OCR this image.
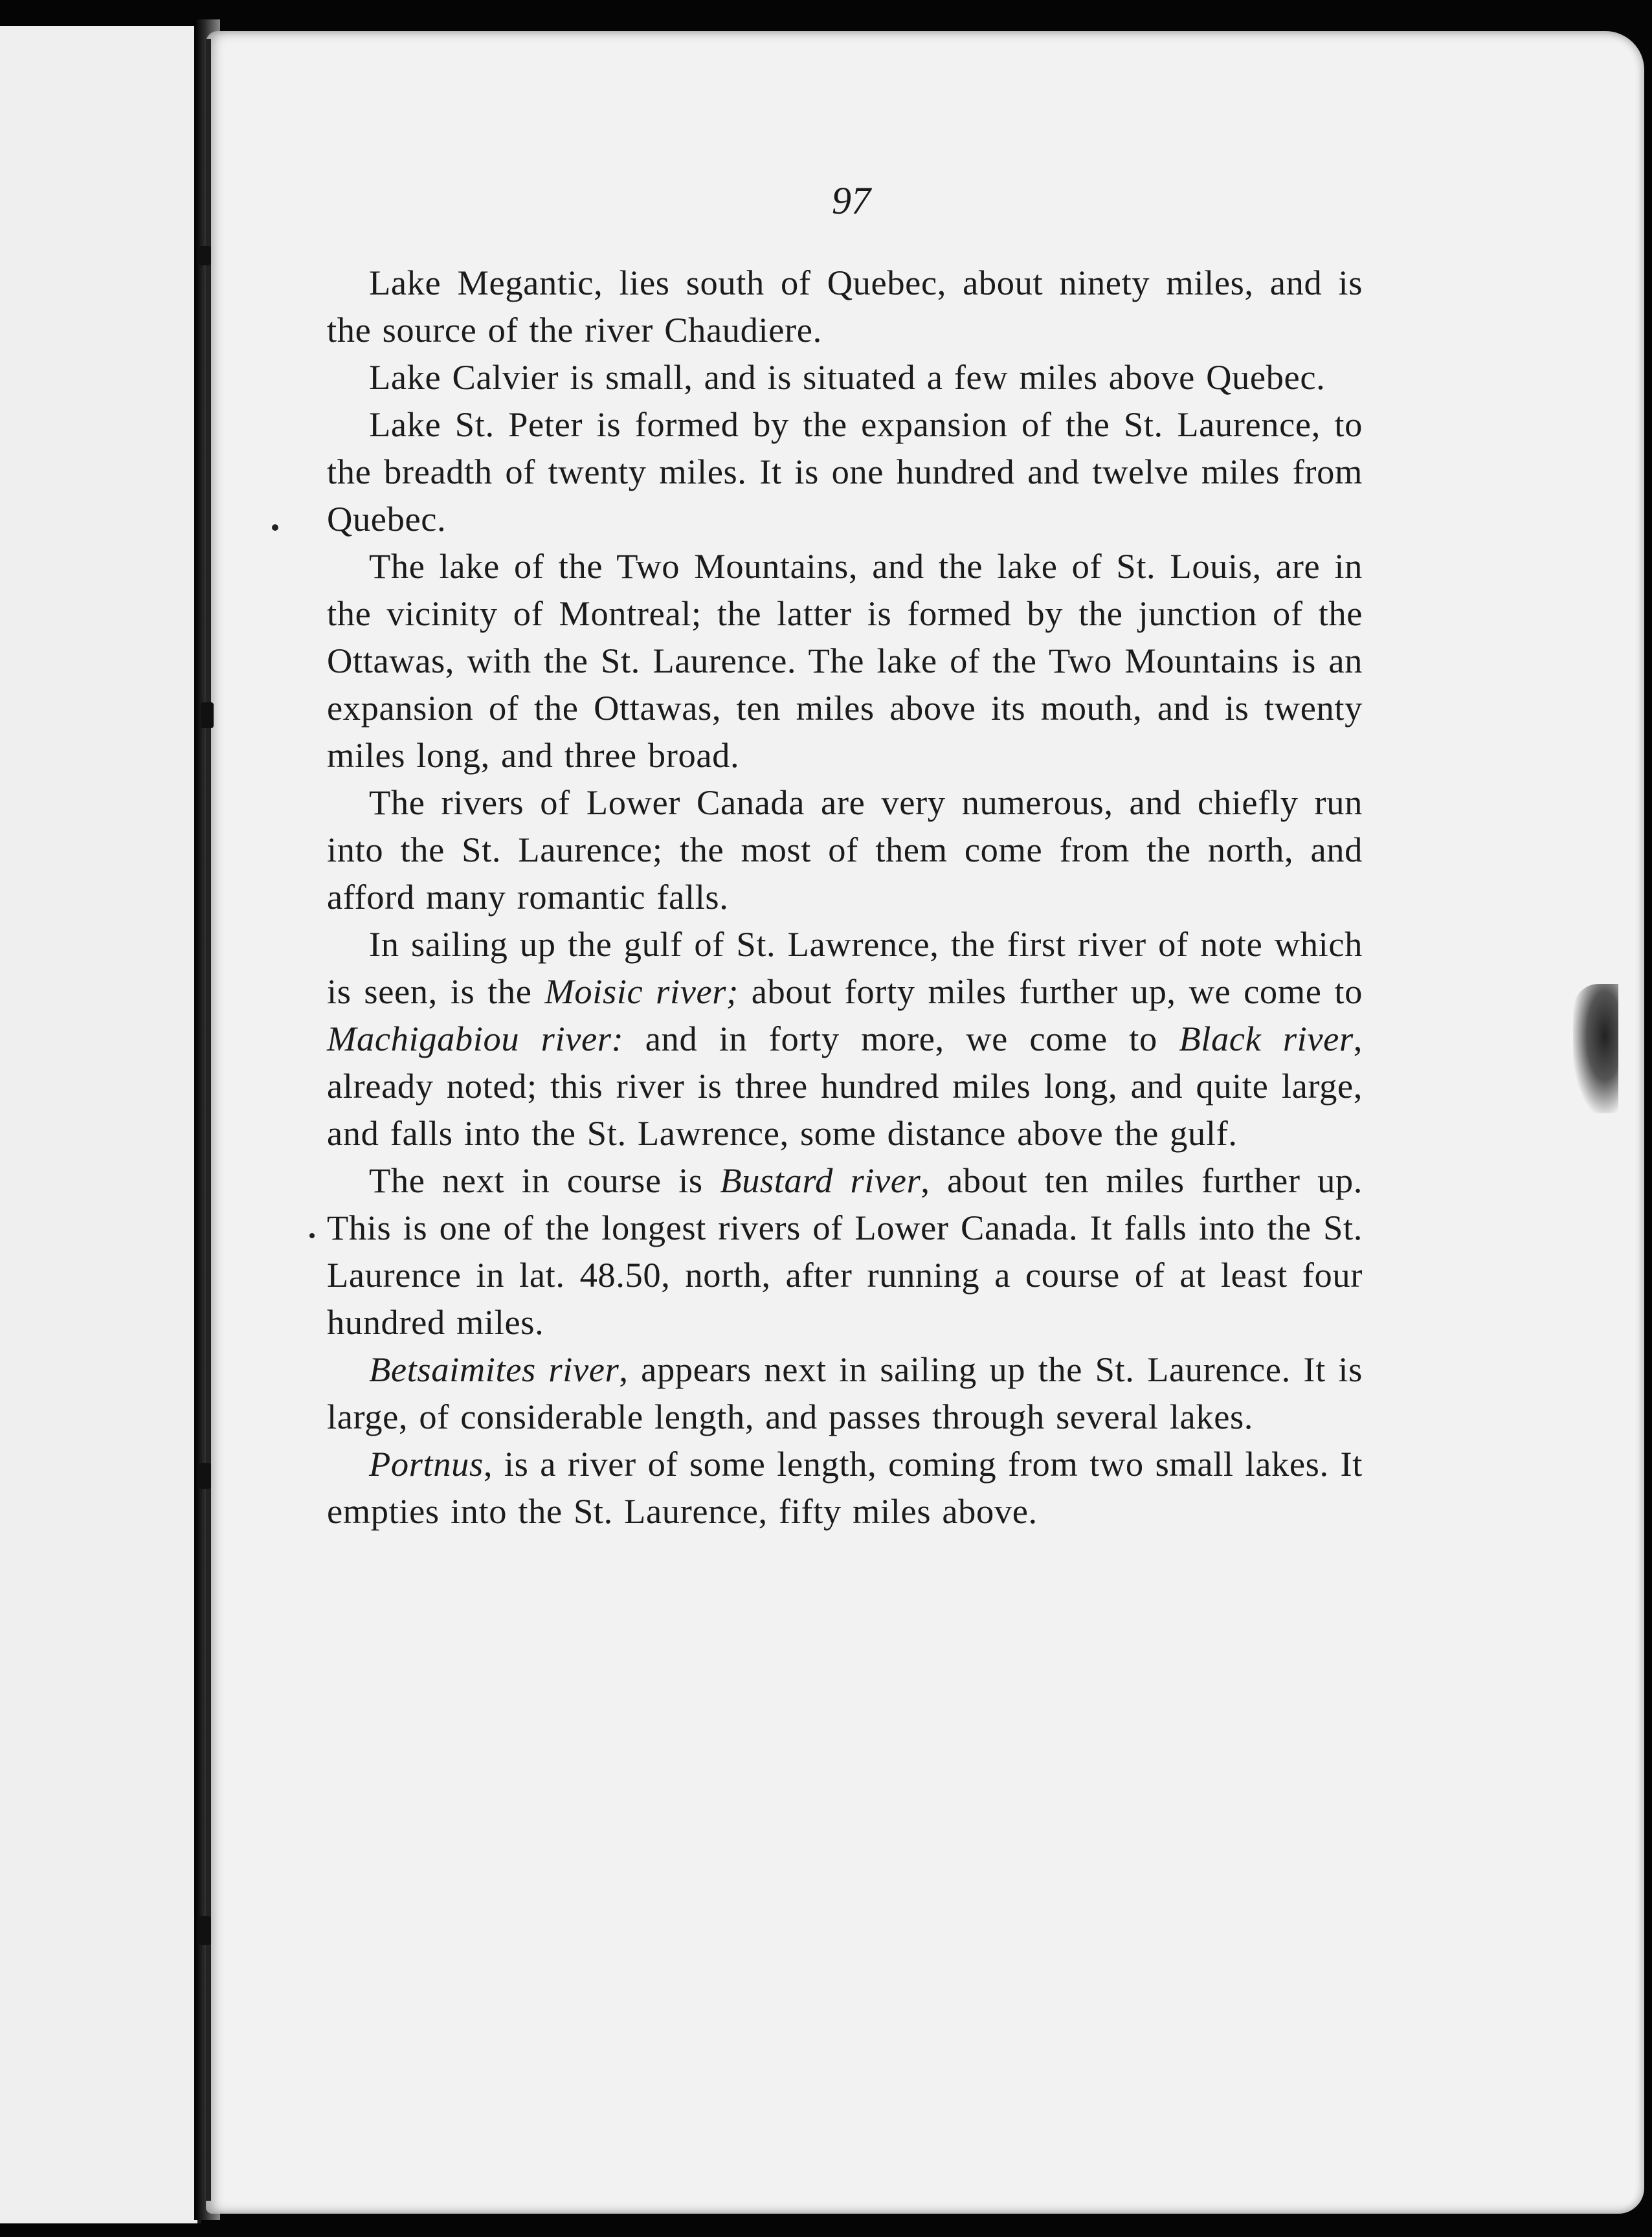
97

Lake Megantic, lies south of Quebec, about ninety miles, and is the source of the river Chaudiere.

Lake Calvier is small, and is situated a few miles above Quebec.

Lake St. Peter is formed by the expansion of the St. Laurence, to the breadth of twenty miles. It is one hundred and twelve miles from Quebec.

The lake of the Two Mountains, and the lake of St. Louis, are in the vicinity of Montreal; the latter is formed by the junction of the Ottawas, with the St. Laurence. The lake of the Two Mountains is an expansion of the Ottawas, ten miles above its mouth, and is twenty miles long, and three broad.

The rivers of Lower Canada are very numerous, and chiefly run into the St. Laurence; the most of them come from the north, and afford many romantic falls.

In sailing up the gulf of St. Lawrence, the first river of note which is seen, is the Moisic river; about forty miles further up, we come to Machigabiou river: and in forty more, we come to Black river, already noted; this river is three hundred miles long, and quite large, and falls into the St. Lawrence, some distance above the gulf.

The next in course is Bustard river, about ten miles further up. This is one of the longest rivers of Lower Canada. It falls into the St. Laurence in lat. 48.50, north, after running a course of at least four hundred miles.

Betsaimites river, appears next in sailing up the St. Laurence. It is large, of considerable length, and passes through several lakes.

Portnus, is a river of some length, coming from two small lakes. It empties into the St. Laurence, fifty miles above.
